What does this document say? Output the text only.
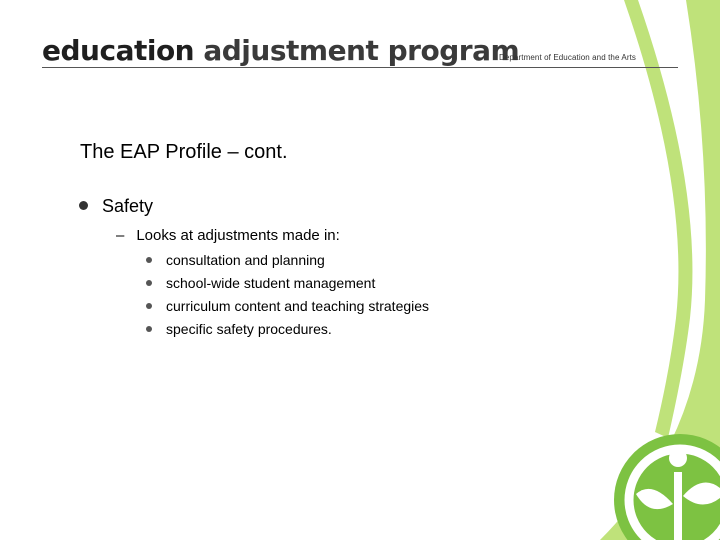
education adjustment program
Department of Education and the Arts
The EAP Profile – cont.
Safety
– Looks at adjustments made in:
consultation and planning
school-wide student management
curriculum content and teaching strategies
specific safety procedures.
